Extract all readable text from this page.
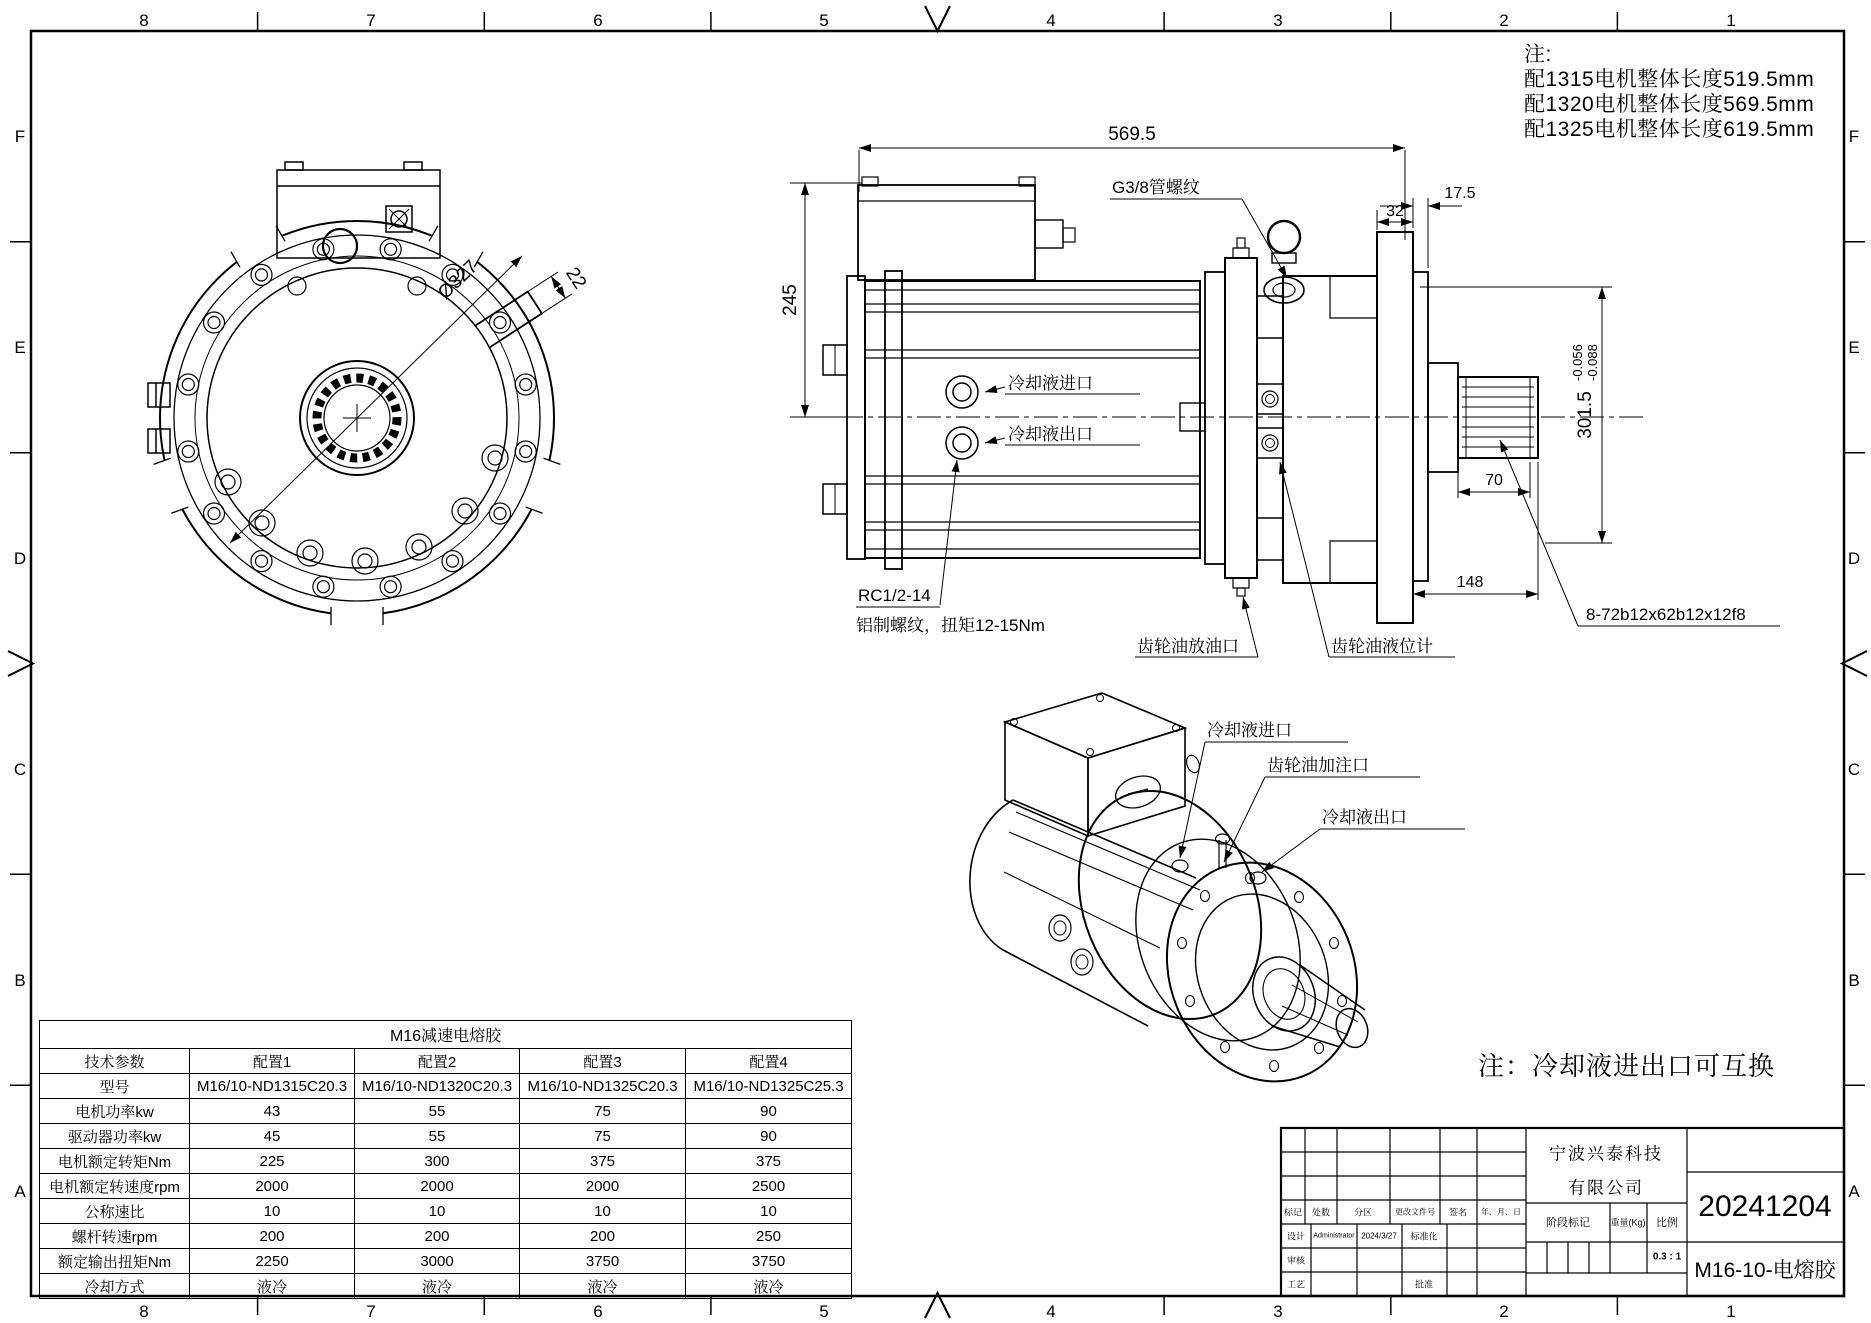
8	7	6	5	4	3	2	1
8	7	6	5	4	3	2	1
F
E
D
C
B
A
F
E
D
C
B
A
Ø327	22
569.5
245
17.5
32
301.5
-0.056 -0.088
70
148
G3/8管螺纹
冷却液进口
冷却液出口
RC1/2-14
铝制螺纹，扭矩12-15Nm
齿轮油放油口	齿轮油液位计
8-72b12x62b12x12f8
冷却液进口
齿轮油加注口
冷却液出口
注:
配1315电机整体长度519.5mm
配1320电机整体长度569.5mm
配1325电机整体长度619.5mm
注：冷却液进出口可互换
M16减速电熔胶				
技术参数	配置1	配置2	配置3	配置4
型号	M16/10-ND1315C20.3	M16/10-ND1320C20.3	M16/10-ND1325C20.3	M16/10-ND1325C25.3
电机功率kw	43	55	75	90
驱动器功率kw	45	55	75	90
电机额定转矩Nm	225	300	375	375
电机额定转速度rpm	2000	2000	2000	2500
公称速比	10	10	10	10
螺杆转速rpm	200	200	200	250
额定输出扭矩Nm	2250	3000	3750	3750
冷却方式	液冷	液冷	液冷	液冷
标记 处数	分区	更改文件号 签名 年、月、日
设计 Administrator 2024/3/27 标准化
审核
工艺	批准
宁波兴泰科技
有限公司
阶段标记 重量(Kg) 比例
0.3 : 1
20241204
M16-10-电熔胶
